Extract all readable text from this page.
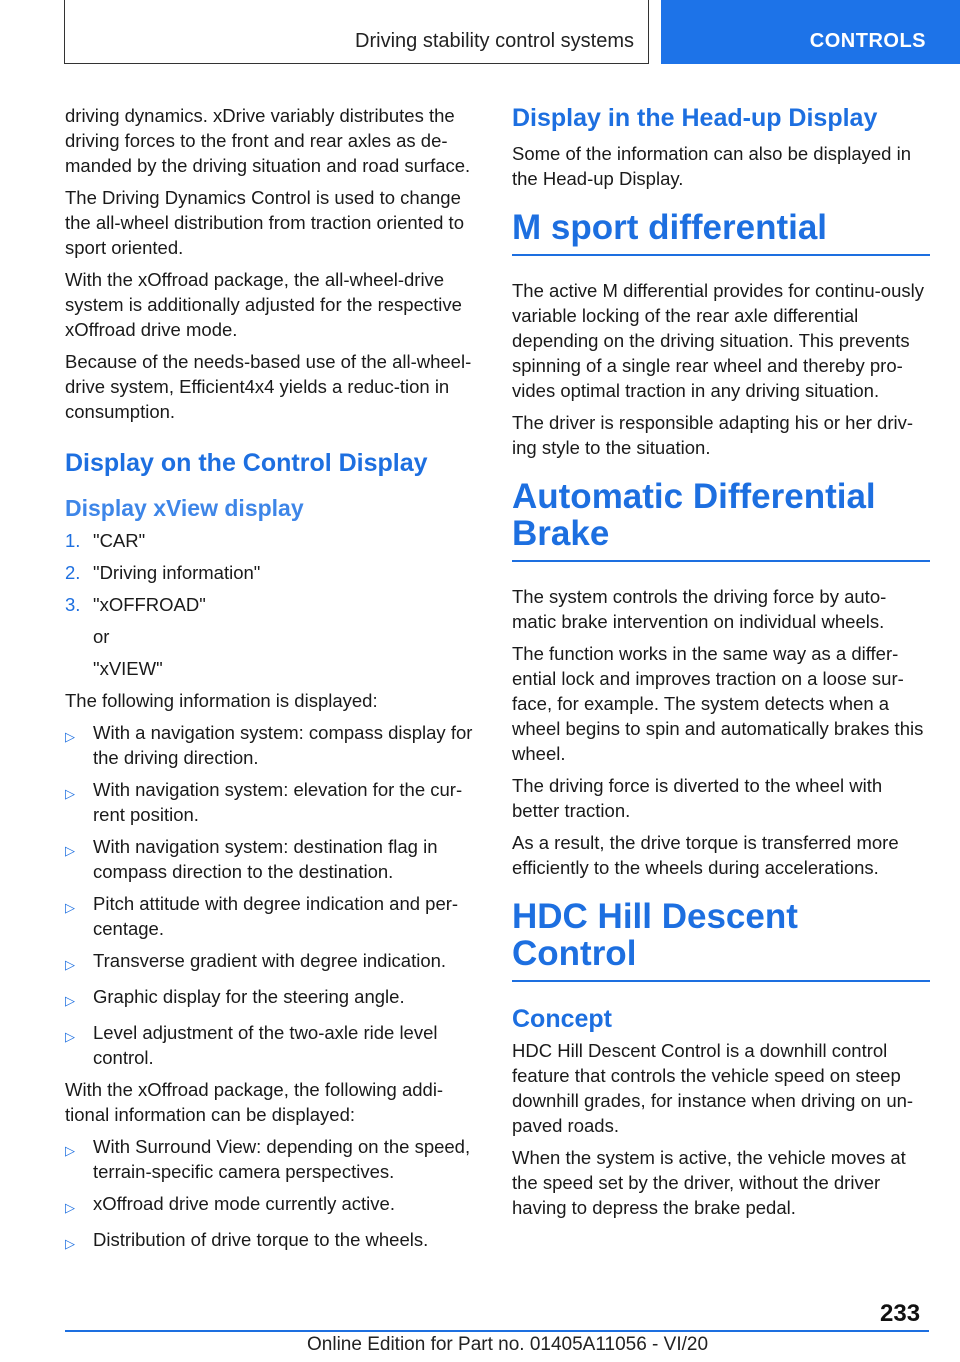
Driving stability control systems	CONTROLS

driving dynamics. xDrive variably distributes the driving forces to the front and rear axles as de-manded by the driving situation and road surface.

The Driving Dynamics Control is used to change the all-wheel distribution from traction oriented to sport oriented.

With the xOffroad package, the all-wheel-drive system is additionally adjusted for the respective xOffroad drive mode.

Because of the needs-based use of the all-wheel-drive system, Efficient4x4 yields a reduc-tion in consumption.

Display on the Control Display
Display xView display
1. "CAR"
2. "Driving information"
3. "xOFFROAD"
or
"xVIEW"

The following information is displayed:

▷ With a navigation system: compass display for the driving direction.
▷ With navigation system: elevation for the cur-rent position.
▷ With navigation system: destination flag in compass direction to the destination.
▷ Pitch attitude with degree indication and per-centage.
▷ Transverse gradient with degree indication.
▷ Graphic display for the steering angle.
▷ Level adjustment of the two-axle ride level control.

With the xOffroad package, the following addi-tional information can be displayed:

▷ With Surround View: depending on the speed, terrain-specific camera perspectives.
▷ xOffroad drive mode currently active.
▷ Distribution of drive torque to the wheels.
Display in the Head-up Display

Some of the information can also be displayed in the Head-up Display.

M sport differential

The active M differential provides for continu-ously variable locking of the rear axle differential depending on the driving situation. This prevents spinning of a single rear wheel and thereby pro-vides optimal traction in any driving situation.

The driver is responsible adapting his or her driv-ing style to the situation.

Automatic Differential Brake

The system controls the driving force by auto-matic brake intervention on individual wheels.

The function works in the same way as a differ-ential lock and improves traction on a loose sur-face, for example. The system detects when a wheel begins to spin and automatically brakes this wheel.

The driving force is diverted to the wheel with better traction.

As a result, the drive torque is transferred more efficiently to the wheels during accelerations.

HDC Hill Descent Control
Concept

HDC Hill Descent Control is a downhill control feature that controls the vehicle speed on steep downhill grades, for instance when driving on un-paved roads.

When the system is active, the vehicle moves at the speed set by the driver, without the driver having to depress the brake pedal.

233
Online Edition for Part no. 01405A11056 - VI/20
